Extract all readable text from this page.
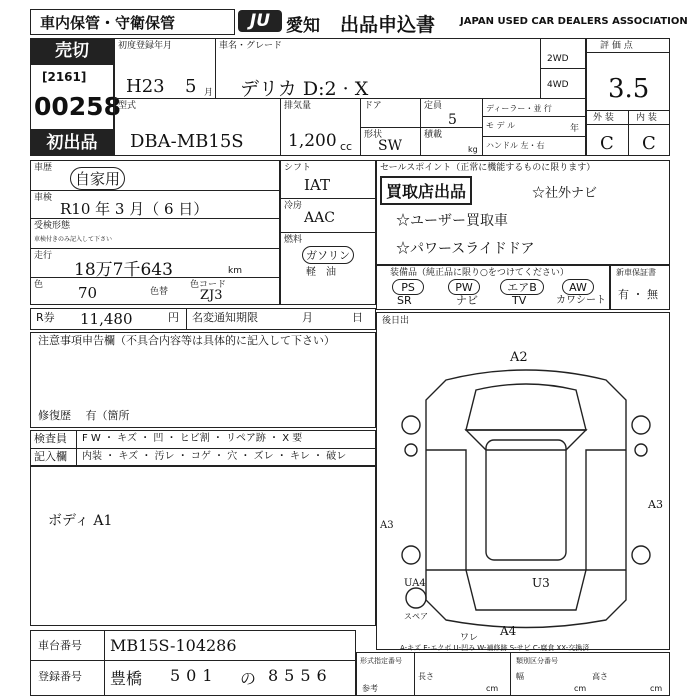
車内保管・守衛保管	JU 愛知 出品申込書 JAPAN USED CAR DEALERS ASSOCIATION
売切
[2161]
00258
初出品
初度登録年月
H23 5 月
車名・グレード
デリカ D:2 · X
2WD
4WD
型式
DBA-MB15S
排気量
1,200 cc
ドア
形状
SW
定員
5
積載
kg
ディーラー・並 行
モ デ ル	年
ハンドル 左・右
評 価 点
3.5
外 装 内 装
C C
車歴
自家用
車検
R10 年 3 月（ 6 日）
受検形態
車検付きのみ記入して下さい
走行
18万7千643	km
色 70	色替
色コード
ZJ3
シフト
IAT
冷房
AAC
燃料
ガソリン
軽　油
セールスポイント（正常に機能するものに限ります）
買取店出品	☆社外ナビ
☆ユーザー買取車
☆パワースライドドア
装備品（純正品に限り○をつけてください）
PS	PW	エアB	AW
SR	ナビ	TV	カワシート
新車保証書
有 ・ 無
R券 11,480	円 名変通知期限	月	日
注意事項申告欄（不具合内容等は具体的に記入して下さい）
修復歴　 有（箇所
検査員
記入欄
F W ・ キズ ・ 凹 ・ ヒビ割 ・ リペア跡 ・ X 要
内装 ・ キズ ・ 汚レ ・ コゲ ・ 穴 ・ ズレ ・ キレ ・ 破レ
ボディ A1
後日出
A2
A3
A3
U3
UA4
スペア
A4
ワレ
A-キズ E-エクボ U-凹み W-補修跡 S-サビ C-腐食 XX-交換済
車台番号 MB15S-104286
登録番号 豊橋 501 の 8556
形式指定番号	類別区分番号
参考
長さ
cm
幅
cm
高さ
cm
